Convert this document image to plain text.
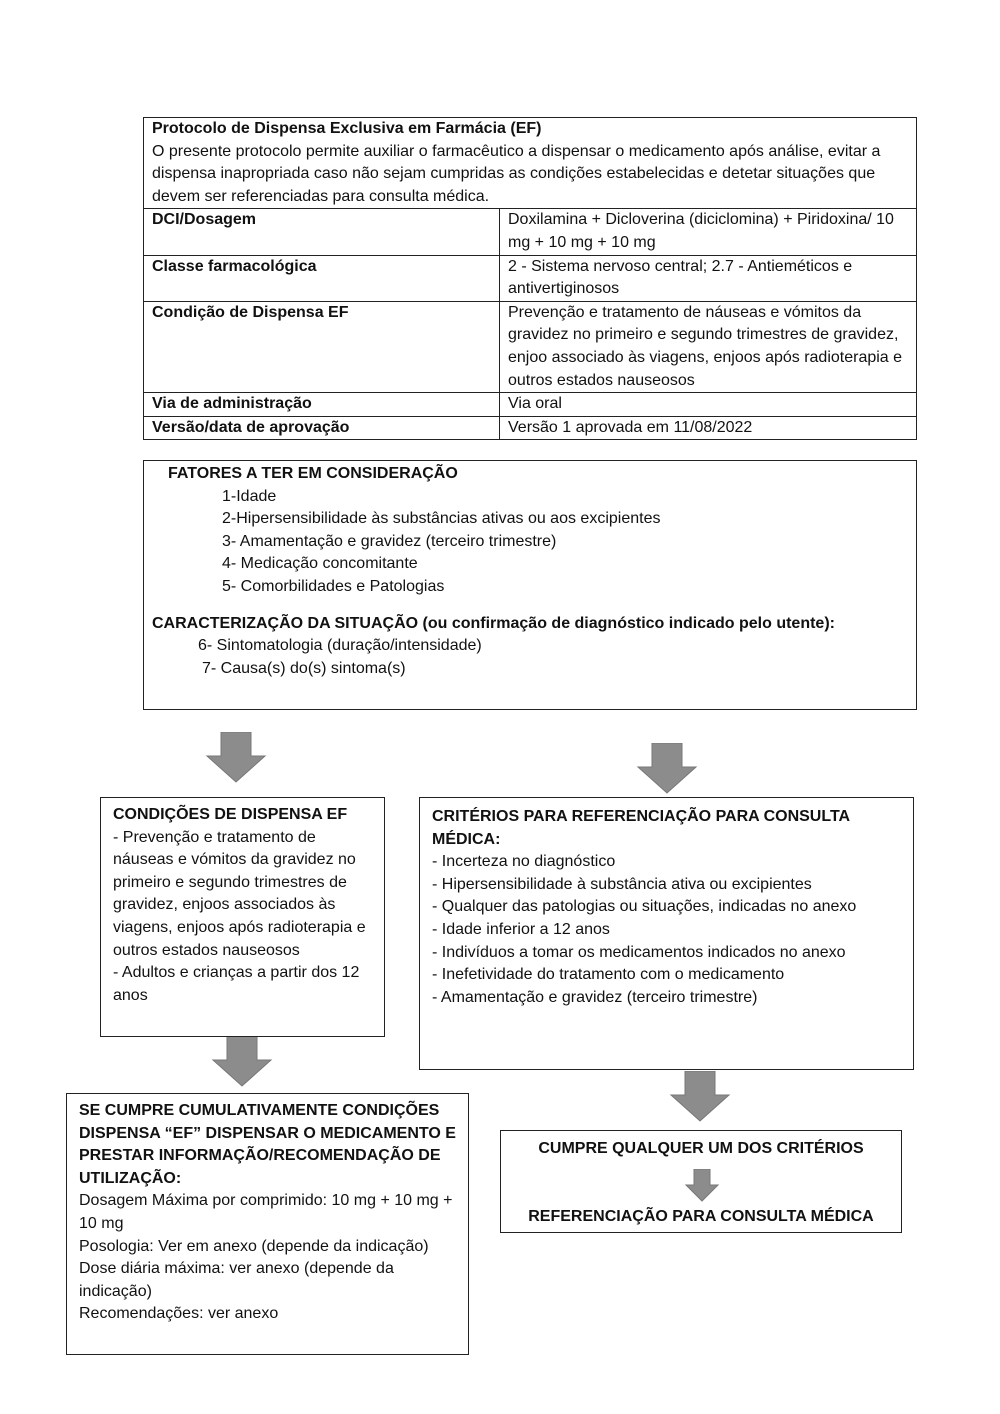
Protocolo de Dispensa Exclusiva em Farmácia (EF)
O presente protocolo permite auxiliar o farmacêutico a dispensar o medicamento após análise, evitar a dispensa inapropriada caso não sejam cumpridas as condições estabelecidas e detetar situações que devem ser referenciadas para consulta médica.	

DCI/Dosagem	Doxilamina + Dicloverina (diciclomina) + Piridoxina/ 10 mg + 10 mg + 10 mg
Classe farmacológica	2 - Sistema nervoso central; 2.7 - Antieméticos e antivertiginosos
Condição de Dispensa EF	Prevenção e tratamento de náuseas e vómitos da gravidez no primeiro e segundo trimestres de gravidez, enjoo associado às viagens, enjoos após radioterapia e outros estados nauseosos
Via de administração	Via oral
Versão/data de aprovação	Versão 1 aprovada em 11/08/2022
FATORES A TER EM CONSIDERAÇÃO
1-Idade
2-Hipersensibilidade às substâncias ativas ou aos excipientes
3- Amamentação e gravidez (terceiro trimestre)
4- Medicação concomitante
5- Comorbilidades e Patologias
CARACTERIZAÇÃO DA SITUAÇÃO (ou confirmação de diagnóstico indicado pelo utente):
6- Sintomatologia (duração/intensidade)
7- Causa(s) do(s) sintoma(s)
CONDIÇÕES DE DISPENSA EF
- Prevenção e tratamento de náuseas e vómitos da gravidez no primeiro e segundo trimestres de gravidez, enjoos associados às viagens, enjoos após radioterapia e outros estados nauseosos
- Adultos e crianças a partir dos 12 anos
CRITÉRIOS PARA REFERENCIAÇÃO PARA CONSULTA MÉDICA:
- Incerteza no diagnóstico
- Hipersensibilidade à substância ativa ou excipientes
- Qualquer das patologias ou situações, indicadas no anexo
- Idade inferior a 12 anos
- Indivíduos a tomar os medicamentos indicados no anexo
- Inefetividade do tratamento com o medicamento
- Amamentação e gravidez (terceiro trimestre)
SE CUMPRE CUMULATIVAMENTE CONDIÇÕES DISPENSA “EF” DISPENSAR O MEDICAMENTO E PRESTAR INFORMAÇÃO/RECOMENDAÇÃO DE UTILIZAÇÃO:
Dosagem Máxima por comprimido: 10 mg + 10 mg + 10 mg
Posologia: Ver em anexo (depende da indicação)
Dose diária máxima: ver anexo (depende da indicação)
Recomendações: ver anexo
CUMPRE QUALQUER UM DOS CRITÉRIOS
REFERENCIAÇÃO PARA CONSULTA MÉDICA
